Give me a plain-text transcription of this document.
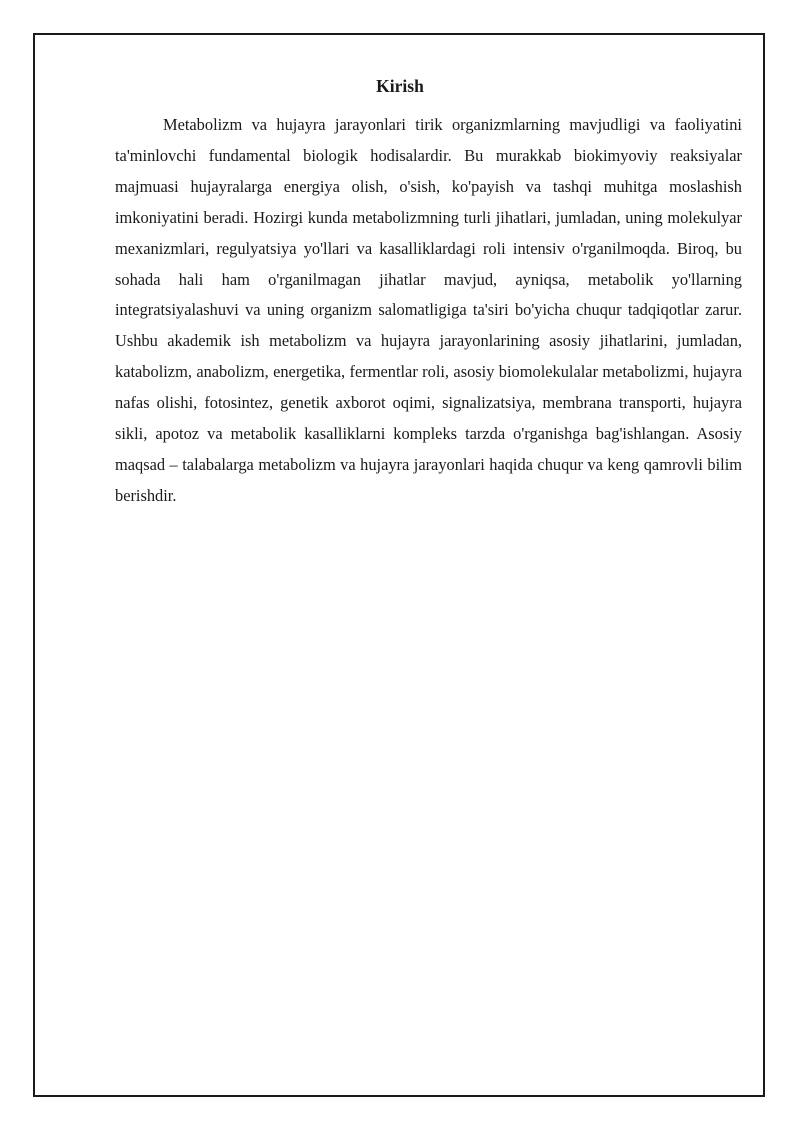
Kirish

Metabolizm va hujayra jarayonlari tirik organizmlarning mavjudligi va faoliyatini ta'minlovchi fundamental biologik hodisalardir. Bu murakkab biokimyoviy reaksiyalar majmuasi hujayralarga energiya olish, o'sish, ko'payish va tashqi muhitga moslashish imkoniyatini beradi. Hozirgi kunda metabolizmning turli jihatlari, jumladan, uning molekulyar mexanizmlari, regulyatsiya yo'llari va kasalliklardagi roli intensiv o'rganilmoqda. Biroq, bu sohada hali ham o'rganilmagan jihatlar mavjud, ayniqsa, metabolik yo'llarning integratsiyalashuvi va uning organizm salomatligiga ta'siri bo'yicha chuqur tadqiqotlar zarur. Ushbu akademik ish metabolizm va hujayra jarayonlarining asosiy jihatlarini, jumladan, katabolizm, anabolizm, energetika, fermentlar roli, asosiy biomolekulalar metabolizmi, hujayra nafas olishi, fotosintez, genetik axborot oqimi, signalizatsiya, membrana transporti, hujayra sikli, apotoz va metabolik kasalliklarni kompleks tarzda o'rganishga bag'ishlangan. Asosiy maqsad – talabalarga metabolizm va hujayra jarayonlari haqida chuqur va keng qamrovli bilim berishdir.
